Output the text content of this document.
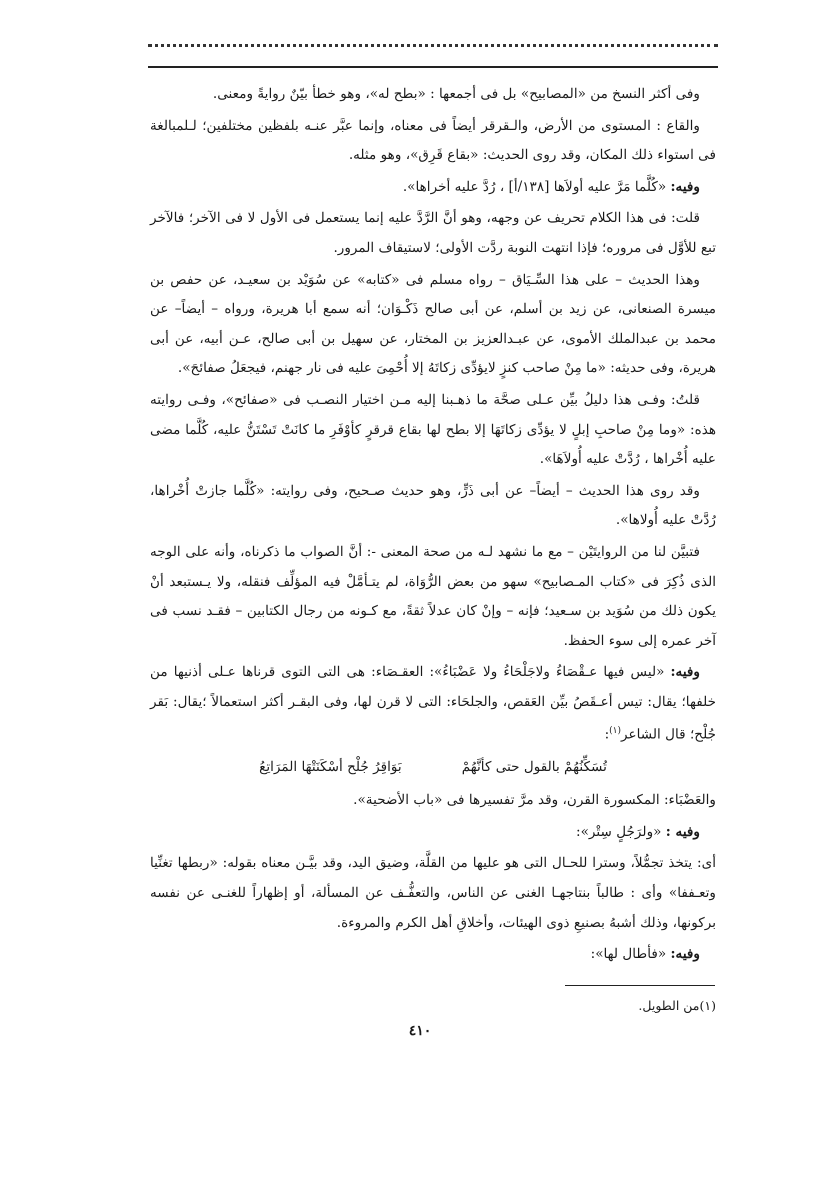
وفى أكثر النسخ من «المصابيح» بل فى أجمعها : «بطح له»، وهو خطأ بيّنٌ روايةً ومعنى.

والقاع : المستوى من الأرض، والـقرقر أيضاً فى معناه، وإنما عبَّر عنـه بلفظين مختلفين؛ لـلمبالغة فى استواء ذلك المكان، وقد روى الحديث: «بقاع قَرِق»، وهو مثله.

وفيه: «كُلَّما مَرَّ عليه أولاَها [١٣٨/أ] ، رُدَّ عليه أخراها».

قلت: فى هذا الكلام تحريف عن وجهه، وهو أنَّ الرَّدَّ عليه إنما يستعمل فى الأول لا فى الآخر؛ فالآخر تبع للأوَّل فى مروره؛ فإذا انتهت النوبة ردَّت الأولى؛ لاستيقاف المرور.

وهذا الحديث – على هذا السِّـيَاق – رواه مسلم فى «كتابه» عن سُوَيْد بن سعيـد، عن حفص بن ميسرة الصنعانى، عن زيد بن أسلم، عن أبى صالح ذَكْـوَان؛ أنه سمع أبا هريرة، ورواه – أيضاً– عن محمد بن عبدالملك الأموى، عن عبـدالعزيز بن المختار، عن سهيل بن أبى صالح، عـن أبيه، عن أبى هريرة، وفى حديثه: «ما مِنْ صاحب كنزٍ لايؤدِّى زكاتَهُ إلا أُحْمِىَ عليه فى نار جهنم، فيجعَلُ صفائحَ».

قلتُ: وفـى هذا دليلُ بيِّن عـلى صحَّة ما ذهـبنا إليه مـن اختيار النصـب فى «صفائح»، وفـى روايته هذه: «وما مِنْ صاحبِ إبلٍ لا يؤدِّى زكاتَهَا إلا بطح لها بقاع قرقرٍ كأوْفَرِ ما كانَتْ تَسْتَنُّ عليه، كُلَّما مضى عليه أُخْراها ، رُدَّتْ عليه أُولاَهَا».

وقد روى هذا الحديث – أيضاً– عن أبى ذَرٍّ، وهو حديث صـحيح، وفى روايته: «كُلَّما جازتْ أُخْراها، رُدَّتْ عليه أُولاها».

فتبيَّن لنا من الروايتَيْن – مع ما نشهد لـه من صحة المعنى -: أنَّ الصواب ما ذكرناه، وأنه على الوجه الذى ذُكِرَ فى «كتاب المـصابيح» سهو من بعض الرُّوَاة، لم يتـأمَّلْ فيه المؤلِّف فنقله، ولا يـستبعد أنْ يكون ذلك من سُوَيد بن سـعيد؛ فإنه – وإنْ كان عدلاً ثقةً، مع كـونه من رجال الكتابين – فقـد نسب فى آخر عمره إلى سوء الحفظ.

وفيه: «ليس فيها عـقْصَاءُ ولاجَلْحَاءُ ولا عَضْبَاءُ»: العقـصَاء: هى التى التوى قرناها عـلى أذنيها من خلفها؛ يقال: تيس أعـقَصُ بيِّن العَقص، والجلحَاء: التى لا قرن لها، وفى البقـر أكثر استعمالاً ؛يقال: بَقر جُلْح؛ قال الشاعر$^{(١)}$:

تُسَكِّنُهُمْ بالقول حتى كأنَّهُمْ
بَوَاقِرُ جُلْح أسْكَنَتْهَا المَرَاتِعُ

والعَضْبَاء: المكسورة القرن، وقد مرَّ تفسيرها فى «باب الأضحية».

وفيه : «ولرَجُلٍ سِتْر»:

أى: يتخذ تجمُّلاً، وسترا للحـال التى هو عليها من القلَّة، وضيق اليد، وقد بيَّـن معناه بقوله: «ربطها تغنِّيا وتعـففا» وأى : طالباً بنتاجهـا الغنى عن الناس، والتعفُّـف عن المسألة، أو إظهاراً للغنـى عن نفسه بركونها، وذلك أشبهُ بصنيعِ ذوى الهيئات، وأخلاقِ أهل الكرم والمروءة.

وفيه: «فأطال لها»:

(١)من الطويل.
٤١٠
